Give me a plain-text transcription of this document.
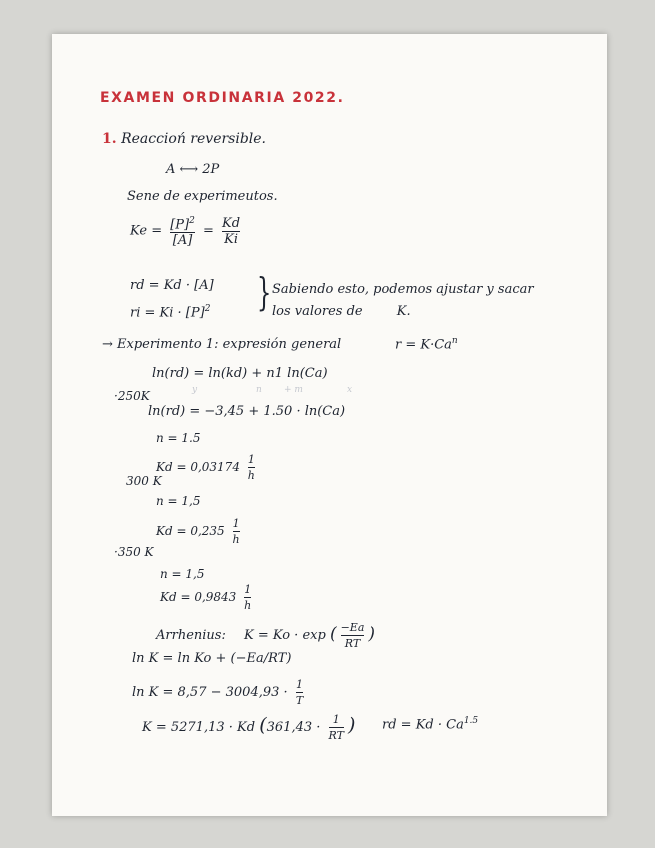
EXAMEN ORDINARIA 2022.
1. Reaccioń reversible.
A ⟷ 2P
Sene de experimeutos.
$Ke = \frac{[P]^2}{[A]} = \frac{Kd}{Ki}$
rd = Kd · [A]
ri = $Ki \cdot [P]^2$ } Sabiendo esto, podemos ajustar y sacar
los valores de	K.
→ Experimento 1: expresión general	$r = K\cdot Ca^n$
ln(rd) = ln(kd) + n1 ln(Ca)
y	n + m	x
·250K
ln(rd) = −3,45 + 1.50 · ln(Ca)
n = 1.5
$Kd = 0,03174 \frac{1}{h}$
300 K
n = 1,5
$Kd = 0,235 \frac{1}{h}$
·350 K
n = 1,5
$Kd = 0,9843 \frac{1}{h}$
Arrhenius: K = Ko · exp ( $\frac{-Ea}{RT}$ )
ln K = ln Ko + (−Ea/RT)
$\ln K = 8,57 - 3004,93 \cdot \frac{1}{T}$
K = 5271,13 · Kd ($361,43 \cdot \frac{1}{RT}$ ) rd = $Kd \cdot Ca^{1.5}$
